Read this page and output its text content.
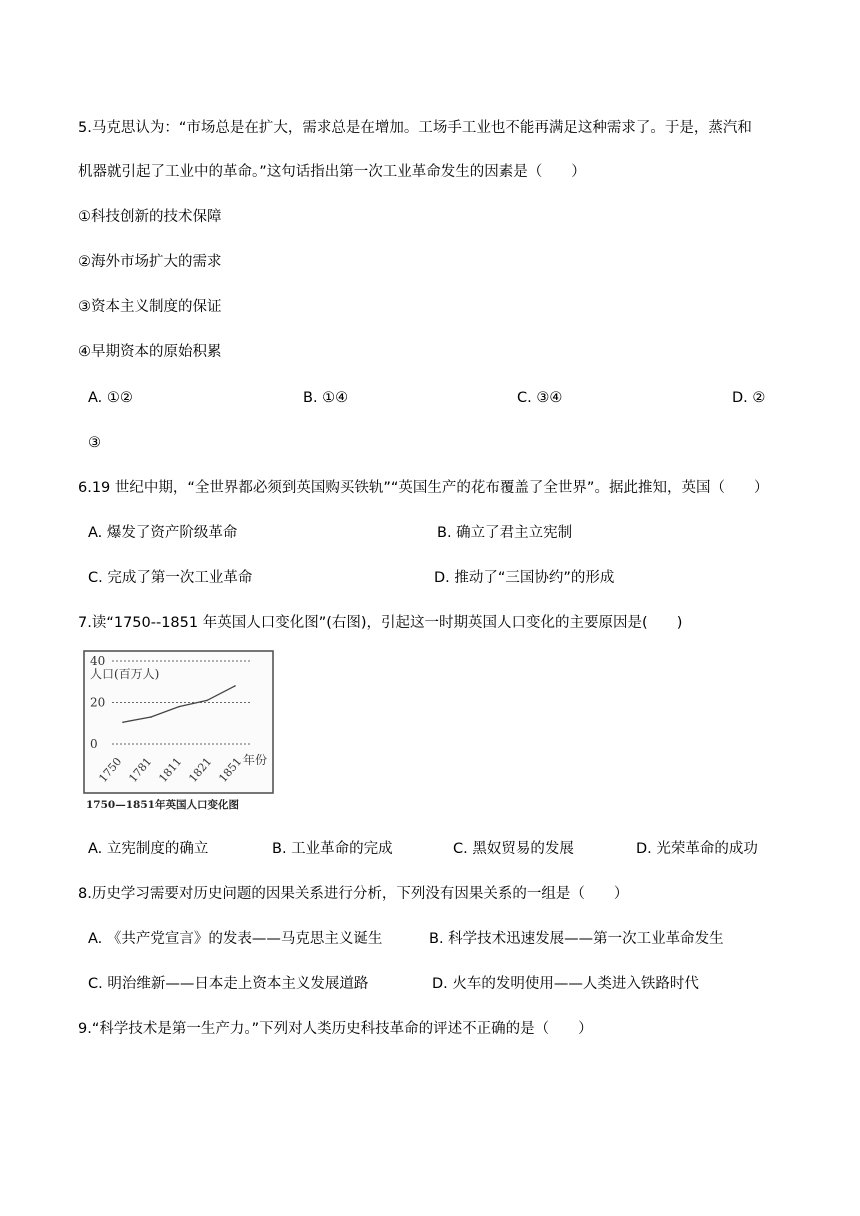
5.马克思认为：“市场总是在扩大，需求总是在增加。工场手工业也不能再满足这种需求了。于是，蒸汽和
机器就引起了工业中的革命。”这句话指出第一次工业革命发生的因素是（　　）
①科技创新的技术保障
②海外市场扩大的需求
③资本主义制度的保证
④早期资本的原始积累
A. ①②	B. ①④	C. ③④	D. ②
③
6.19 世纪中期，“全世界都必须到英国购买铁轨”“英国生产的花布覆盖了全世界”。据此推知，英国（　　）
A. 爆发了资产阶级革命	B. 确立了君主立宪制
C. 完成了第一次工业革命	D. 推动了“三国协约”的形成
7.读“1750--1851 年英国人口变化图”(右图)，引起这一时期英国人口变化的主要原因是(　　)
40
20
0
人口(百万人)
年份
1750 1781 1811 1821 1851
1750—1851年英国人口变化图
A. 立宪制度的确立	B. 工业革命的完成	C. 黑奴贸易的发展	D. 光荣革命的成功
8.历史学习需要对历史问题的因果关系进行分析，下列没有因果关系的一组是（　　）
A. 《共产党宣言》的发表——马克思主义诞生	B. 科学技术迅速发展——第一次工业革命发生
C. 明治维新——日本走上资本主义发展道路	D. 火车的发明使用——人类进入铁路时代
9.“科学技术是第一生产力。”下列对人类历史科技革命的评述不正确的是（　　）
